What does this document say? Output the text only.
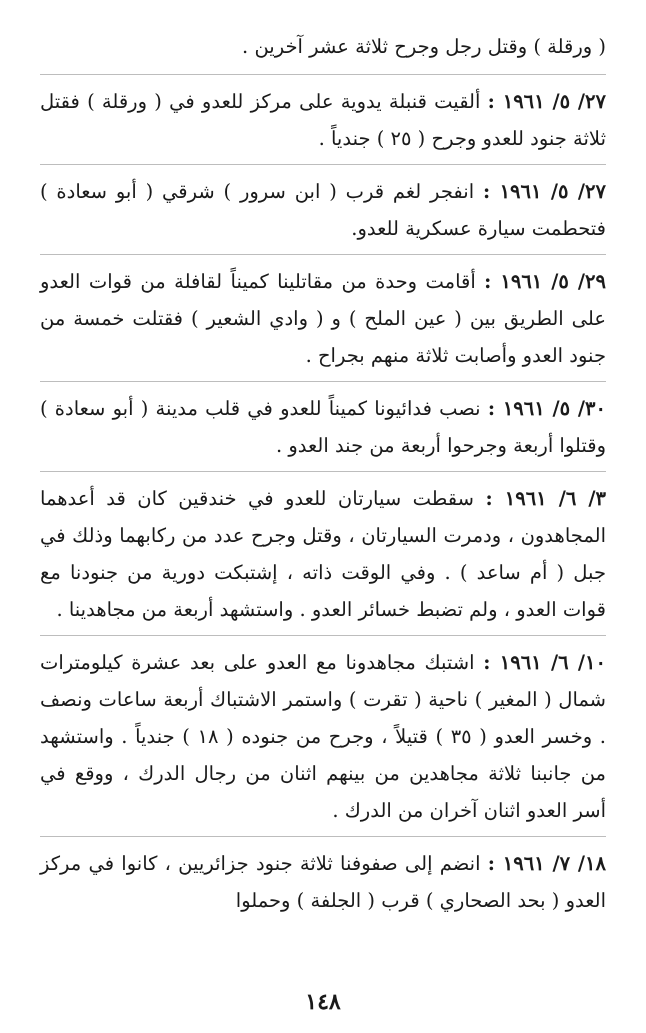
( ورقلة ) وقتل رجل وجرح ثلاثة عشر آخرين .

٢٧/ ٥/ ١٩٦١ : ألقيت قنبلة يدوية على مركز للعدو في ( ورقلة ) فقتل ثلاثة جنود للعدو وجرح ( ٢٥ ) جندياً .

٢٧/ ٥/ ١٩٦١ : انفجر لغم قرب ( ابن سرور ) شرقي ( أبو سعادة ) فتحطمت سيارة عسكرية للعدو.

٢٩/ ٥/ ١٩٦١ : أقامت وحدة من مقاتلينا كميناً لقافلة من قوات العدو على الطريق بين ( عين الملح ) و ( وادي الشعير ) فقتلت خمسة من جنود العدو وأصابت ثلاثة منهم بجراح .

٣٠/ ٥/ ١٩٦١ : نصب فدائيونا كميناً للعدو في قلب مدينة ( أبو سعادة ) وقتلوا أربعة وجرحوا أربعة من جند العدو .

٣/ ٦/ ١٩٦١ : سقطت سيارتان للعدو في خندقين كان قد أعدهما المجاهدون ، ودمرت السيارتان ، وقتل وجرح عدد من ركابهما وذلك في جبل ( أم ساعد ) . وفي الوقت ذاته ، إشتبكت دورية من جنودنا مع قوات العدو ، ولم تضبط خسائر العدو . واستشهد أربعة من مجاهدينا .

١٠/ ٦/ ١٩٦١ : اشتبك مجاهدونا مع العدو على بعد عشرة كيلومترات شمال ( المغير ) ناحية ( تقرت ) واستمر الاشتباك أربعة ساعات ونصف . وخسر العدو ( ٣٥ ) قتيلاً ، وجرح من جنوده ( ١٨ ) جندياً . واستشهد من جانبنا ثلاثة مجاهدين من بينهم اثنان من رجال الدرك ، ووقع في أسر العدو اثنان آخران من الدرك .

١٨/ ٧/ ١٩٦١ : انضم إلى صفوفنا ثلاثة جنود جزائريين ، كانوا في مركز العدو ( بحد الصحاري ) قرب ( الجلفة ) وحملوا

١٤٨
